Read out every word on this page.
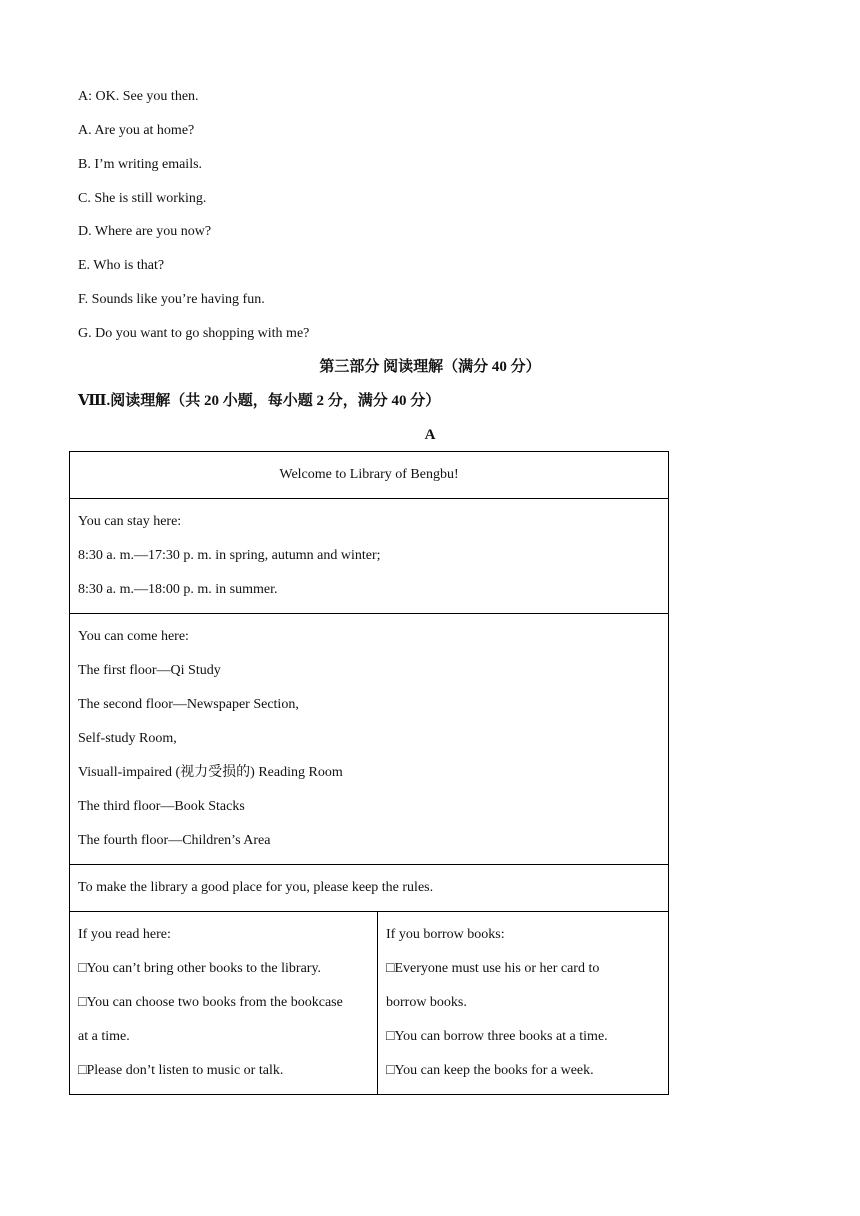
A: OK. See you then.
A. Are you at home?
B. I’m writing emails.
C. She is still working.
D. Where are you now?
E. Who is that?
F. Sounds like you’re having fun.
G. Do you want to go shopping with me?
第三部分 阅读理解（满分 40 分）
Ⅷ.阅读理解（共 20 小题，每小题 2 分，满分 40 分）
A
Welcome to Library of Bengbu!

You can stay here:
8:30 a. m.—17:30 p. m. in spring, autumn and winter;
8:30 a. m.—18:00 p. m. in summer.

You can come here:
The first floor—Qi Study
The second floor—Newspaper Section,
Self-study Room,
Visuall-impaired (视力受损的) Reading Room
The third floor—Book Stacks
The fourth floor—Children’s Area

To make the library a good place for you, please keep the rules.

If you read here:
□You can’t bring other books to the library.
□You can choose two books from the bookcase
at a time.
□Please don’t listen to music or talk.

If you borrow books:
□Everyone must use his or her card to
borrow books.
□You can borrow three books at a time.
□You can keep the books for a week.
